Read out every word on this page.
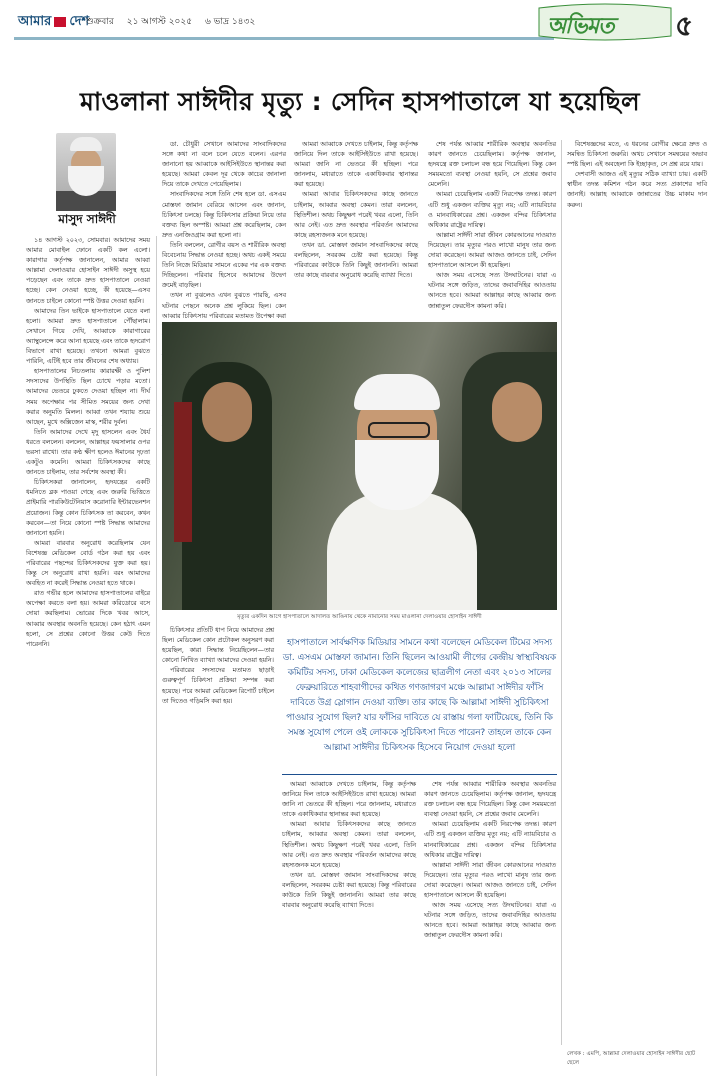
আমার দেশ
শুক্রবার ২১ আগস্ট ২০২৫ ৬ ভাদ্র ১৪৩২	অভিমত ৫
মাওলানা সাঈদীর মৃত্যু : সেদিন হাসপাতালে যা হয়েছিল
মাসুদ সাঈদী

১৪ আগস্ট ২০২৩, সোমবার। আমাদের সময় আমার মোবাইল ফোনে একটি কল এলো। কারাগার কর্তৃপক্ষ জানালেন, আমার আব্বা আল্লামা দেলাওয়ার হোসাইন সাঈদী অসুস্থ হয়ে পড়েছেন এবং তাকে দ্রুত হাসপাতালে নেওয়া হচ্ছে। কেন নেওয়া হচ্ছে, কী হয়েছে—এসব জানতে চাইলে কোনো স্পষ্ট উত্তর দেওয়া হয়নি।

আমাদের তিন ভাইকে হাসপাতালে যেতে বলা হলো। আমরা দ্রুত হাসপাতালে পৌঁছালাম। সেখানে গিয়ে দেখি, আব্বাকে কারাগারের অ্যাম্বুলেন্সে করে আনা হয়েছে এবং তাকে হৃদরোগ বিভাগে রাখা হয়েছে। তখনো আমরা বুঝতে পারিনি, এটিই হবে তার জীবনের শেষ অধ্যায়।

হাসপাতালের নিচতলায় কারারক্ষী ও পুলিশ সদস্যদের উপস্থিতি ছিল চোখে পড়ার মতো। আমাদের ভেতরে ঢুকতে দেওয়া হচ্ছিল না। দীর্ঘ সময় অপেক্ষার পর সীমিত সময়ের জন্য দেখা করার অনুমতি মিলল। আব্বা তখন শয্যায় শুয়ে আছেন, মুখে অক্সিজেন মাস্ক, শরীর দুর্বল।

তিনি আমাদের দেখে মৃদু হাসলেন এবং ধৈর্য ধরতে বললেন। বললেন, আল্লাহর ফয়সালার ওপর ভরসা রাখো। তার কণ্ঠ ক্ষীণ হলেও ঈমানের দৃঢ়তা একটুও কমেনি। আমরা চিকিৎসকদের কাছে জানতে চাইলাম, তার সর্বশেষ অবস্থা কী।

চিকিৎসকরা জানালেন, হৃদযন্ত্রের একটি ধমনিতে ব্লক পাওয়া গেছে এবং জরুরি ভিত্তিতে প্রাইমারি পারকিউটেনিয়াস করোনারি ইন্টারভেনশন প্রয়োজন। কিন্তু কোন চিকিৎসক তা করবেন, কখন করবেন—তা নিয়ে কোনো স্পষ্ট সিদ্ধান্ত আমাদের জানানো হয়নি।

আমরা বারবার অনুরোধ করেছিলাম যেন বিশেষজ্ঞ মেডিকেল বোর্ড গঠন করা হয় এবং পরিবারের পছন্দের চিকিৎসকদের যুক্ত করা হয়। কিন্তু সে অনুরোধ রাখা হয়নি। বরং আমাদের অবহিত না করেই সিদ্ধান্ত নেওয়া হতে থাকে।

রাত গভীর হলে আমাদের হাসপাতালের বাইরে অপেক্ষা করতে বলা হয়। আমরা করিডোরে বসে দোয়া করছিলাম। ভোরের দিকে খবর আসে, আব্বার অবস্থার অবনতি হয়েছে। কেন হঠাৎ এমন হলো, সে প্রশ্নের কোনো উত্তর কেউ দিতে পারেননি।

ডা. চৌধুরী সেখানে আমাদের সাংবাদিকদের সঙ্গে কথা না বলে চলে যেতে বলেন। এরপর জানানো হয় আব্বাকে আইসিইউতে স্থানান্তর করা হয়েছে। আমরা কেবল দূর থেকে কাচের জানালা দিয়ে তাকে দেখতে পেয়েছিলাম।

সাংবাদিকদের সঙ্গে তিনি শেষ হলে ডা. এসএম মোস্তফা জামান বেরিয়ে আসেন এবং জানান, চিকিৎসা চলছে। কিন্তু চিকিৎসার প্রক্রিয়া নিয়ে তার বক্তব্য ছিল অস্পষ্ট। আমরা প্রশ্ন করেছিলাম, কেন দ্রুত এনজিওগ্রাম করা হলো না।

তিনি বললেন, রোগীর বয়স ও শারীরিক অবস্থা বিবেচনায় সিদ্ধান্ত নেওয়া হচ্ছে। অথচ একই সময়ে তিনি নিজে মিডিয়ার সামনে একের পর এক বক্তব্য দিচ্ছিলেন। পরিবার হিসেবে আমাদের উদ্বেগ ক্রমেই বাড়ছিল।

তখন না বুঝলেও এখন বুঝতে পারছি, এসব ঘটনার পেছনে অনেক প্রশ্ন লুকিয়ে ছিল। কেন আব্বার চিকিৎসায় পরিবারের মতামত উপেক্ষা করা

আমরা আব্বাকে দেখতে চাইলাম, কিন্তু কর্তৃপক্ষ জানিয়ে দিল তাকে আইসিইউতে রাখা হয়েছে। আমরা জানি না ভেতরে কী হচ্ছিল। পরে জানলাম, মধ্যরাতে তাকে একাধিকবার স্থানান্তর করা হয়েছে।

আমরা আবার চিকিৎসকদের কাছে জানতে চাইলাম, আব্বার অবস্থা কেমন। তারা বললেন, স্থিতিশীল। অথচ কিছুক্ষণ পরেই খবর এলো, তিনি আর নেই। এত দ্রুত অবস্থার পরিবর্তন আমাদের কাছে রহস্যজনক মনে হয়েছে।

তখন ডা. মোস্তফা জামান সাংবাদিকদের কাছে বলছিলেন, সবরকম চেষ্টা করা হয়েছে। কিন্তু পরিবারের কাউকে তিনি কিছুই জানাননি। আমরা তার কাছে বারবার অনুরোধ করেছি ব্যাখ্যা দিতে।

শেষ পর্যন্ত আব্বার শারীরিক অবস্থার অবনতির কারণ জানতে চেয়েছিলাম। কর্তৃপক্ষ জানাল, হৃদযন্ত্রে রক্ত চলাচল বন্ধ হয়ে গিয়েছিল। কিন্তু কেন সময়মতো ব্যবস্থা নেওয়া হয়নি, সে প্রশ্নের জবাব মেলেনি।

আমরা চেয়েছিলাম একটি নিরপেক্ষ তদন্ত। কারণ এটি শুধু একজন ব্যক্তির মৃত্যু নয়; এটি ন্যায়বিচার ও মানবাধিকারের প্রশ্ন। একজন বন্দির চিকিৎসার অধিকার রাষ্ট্রের দায়িত্ব।

আল্লামা সাঈদী সারা জীবন কোরআনের দাওয়াত দিয়েছেন। তার মৃত্যুর পরও লাখো মানুষ তার জন্য দোয়া করেছেন। আমরা আজও জানতে চাই, সেদিন হাসপাতালে আসলে কী হয়েছিল।

আজ সময় এসেছে সত্য উদঘাটনের। যারা এ ঘটনার সঙ্গে জড়িত, তাদের জবাবদিহির আওতায় আনতে হবে। আমরা আল্লাহর কাছে আব্বার জন্য জান্নাতুল ফেরদৌস কামনা করি।

বিশেষজ্ঞদের মতে, এ ধরনের রোগীর ক্ষেত্রে দ্রুত ও সমন্বিত চিকিৎসা জরুরি। অথচ সেখানে সমন্বয়ের অভাব স্পষ্ট ছিল। এই অবহেলা কি ইচ্ছাকৃত, সে প্রশ্ন রয়ে যায়।

দেশবাসী আজও এই মৃত্যুর সঠিক ব্যাখ্যা চায়। একটি স্বাধীন তদন্ত কমিশন গঠন করে সত্য প্রকাশের দাবি জানাই। আল্লাহ আব্বাকে জান্নাতের উচ্চ মাকাম দান করুন।

মৃত্যুর একদিন আগে হাসপাতালে আদালত আঙিনায় থেকে নামানোর সময় মাওলানা দেলাওয়ার হোসাইন সাঈদী

চিকিৎসার প্রতিটি ধাপ নিয়ে আমাদের প্রশ্ন ছিল। মেডিকেল কোন প্রটোকল অনুসরণ করা হয়েছিল, কারা সিদ্ধান্ত নিয়েছিলেন—তার কোনো লিখিত ব্যাখ্যা আমাদের দেওয়া হয়নি।

পরিবারের সদস্যদের মতামত ছাড়াই গুরুত্বপূর্ণ চিকিৎসা প্রক্রিয়া সম্পন্ন করা হয়েছে। পরে আমরা মেডিকেল রিপোর্ট চাইলে তা দিতেও গড়িমসি করা হয়।

হাসপাতালে সার্বক্ষণিক মিডিয়ার সামনে কথা বলেছেন মেডিকেল টিমের সদস্য ডা. এসএম মোস্তফা জামান। তিনি ছিলেন আওয়ামী লীগের কেন্দ্রীয় স্বাস্থ্যবিষয়ক কমিটির সদস্য, ঢাকা মেডিকেল কলেজের ছাত্রলীগ নেতা এবং ২০১৩ সালের ফেব্রুয়ারিতে শাহবাগীদের কথিত গণজাগরণ মঞ্চে আল্লামা সাঈদীর ফাঁসি দাবিতে উগ্র স্লোগান দেওয়া ব্যক্তি। তার কাছে কি আল্লামা সাঈদী সুচিকিৎসা পাওয়ার সুযোগ ছিল? যার ফাঁসির দাবিতে যে রাস্তায় গলা ফাটিয়েছে, তিনি কি সমস্ত সুযোগ পেলে ওই লোককে সুচিকিৎসা দিতে পারেন? তাহলে তাকে কেন আল্লামা সাঈদীর চিকিৎসক হিসেবে নিয়োগ দেওয়া হলো

আমরা আব্বাকে দেখতে চাইলাম, কিন্তু কর্তৃপক্ষ জানিয়ে দিল তাকে আইসিইউতে রাখা হয়েছে। আমরা জানি না ভেতরে কী হচ্ছিল। পরে জানলাম, মধ্যরাতে তাকে একাধিকবার স্থানান্তর করা হয়েছে।

আমরা আবার চিকিৎসকদের কাছে জানতে চাইলাম, আব্বার অবস্থা কেমন। তারা বললেন, স্থিতিশীল। অথচ কিছুক্ষণ পরেই খবর এলো, তিনি আর নেই। এত দ্রুত অবস্থার পরিবর্তন আমাদের কাছে রহস্যজনক মনে হয়েছে।

তখন ডা. মোস্তফা জামান সাংবাদিকদের কাছে বলছিলেন, সবরকম চেষ্টা করা হয়েছে। কিন্তু পরিবারের কাউকে তিনি কিছুই জানাননি। আমরা তার কাছে বারবার অনুরোধ করেছি ব্যাখ্যা দিতে।

শেষ পর্যন্ত আব্বার শারীরিক অবস্থার অবনতির কারণ জানতে চেয়েছিলাম। কর্তৃপক্ষ জানাল, হৃদযন্ত্রে রক্ত চলাচল বন্ধ হয়ে গিয়েছিল। কিন্তু কেন সময়মতো ব্যবস্থা নেওয়া হয়নি, সে প্রশ্নের জবাব মেলেনি।

আমরা চেয়েছিলাম একটি নিরপেক্ষ তদন্ত। কারণ এটি শুধু একজন ব্যক্তির মৃত্যু নয়; এটি ন্যায়বিচার ও মানবাধিকারের প্রশ্ন। একজন বন্দির চিকিৎসার অধিকার রাষ্ট্রের দায়িত্ব।

আল্লামা সাঈদী সারা জীবন কোরআনের দাওয়াত দিয়েছেন। তার মৃত্যুর পরও লাখো মানুষ তার জন্য দোয়া করেছেন। আমরা আজও জানতে চাই, সেদিন হাসপাতালে আসলে কী হয়েছিল।

আজ সময় এসেছে সত্য উদঘাটনের। যারা এ ঘটনার সঙ্গে জড়িত, তাদের জবাবদিহির আওতায় আনতে হবে। আমরা আল্লাহর কাছে আব্বার জন্য জান্নাতুল ফেরদৌস কামনা করি।

লেখক : এমপি, আল্লামা দেলাওয়ার হোসাইন সাঈদীর ছোট ছেলে
